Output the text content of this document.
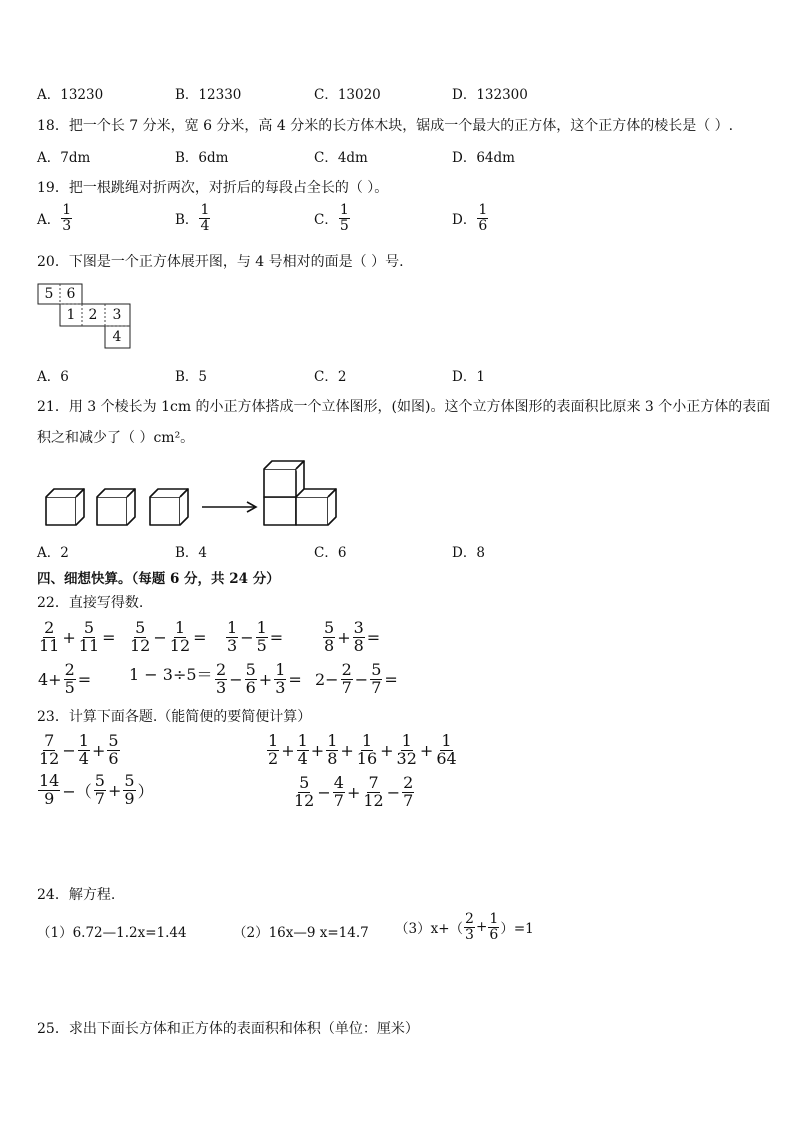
A．13230	B．12330	C．13020	D．132300
18．把一个长 7 分米，宽 6 分米，高 4 分米的长方体木块，锯成一个最大的正方体，这个正方体的棱长是（ ）.
A．7dm	B．6dm	C．4dm	D．64dm
19．把一根跳绳对折两次，对折后的每段占全长的（ ）。
A． $\frac{1}{3}$	B． $\frac{1}{4}$	C． $\frac{1}{5}$	D． $\frac{1}{6}$
20．下图是一个正方体展开图，与 4 号相对的面是（ ）号.
5 6
1 2	3
4
A．6	B．5	C．2	D．1
21．用 3 个棱长为 1cm 的小正方体搭成一个立体图形，(如图)。这个立方体图形的表面积比原来 3 个小正方体的表面
积之和减少了（ ）cm²。
A．2	B．4	C．6	D．8
四、细想快算。（每题 6 分，共 24 分）
22．直接写得数.
$\frac{2}{11} + \frac{5}{11} = \frac{5}{12} - \frac{1}{12} = \frac{1}{3} - \frac{1}{5} = \frac{5}{8} + \frac{3}{8}$ =
$4+ \frac{2}{5} = 1 - 3\div 5= \frac{2}{3} - \frac{5}{6} + \frac{1}{3} = 2- \frac{2}{7} - \frac{5}{7}$ =
23．计算下面各题.（能简便的要简便计算）
$\frac{7}{12} - \frac{1}{4} + \frac{5}{6}$	$\frac{1}{2} + \frac{1}{4} + \frac{1}{8} + \frac{1}{16} + \frac{1}{32} + \frac{1}{64}$
$\frac{14}{9}$ −（ $\frac{5}{7} + \frac{5}{9}$ ）	$\frac{5}{12} - \frac{4}{7} + \frac{7}{12} - \frac{2}{7}$
24．解方程.
（1）6.72—1.2x=1.44	（2）16x—9 x=14.7 $(3)x+( \frac{2}{3} + \frac{1}{6} )=1$
25．求出下面长方体和正方体的表面积和体积（单位：厘米）
